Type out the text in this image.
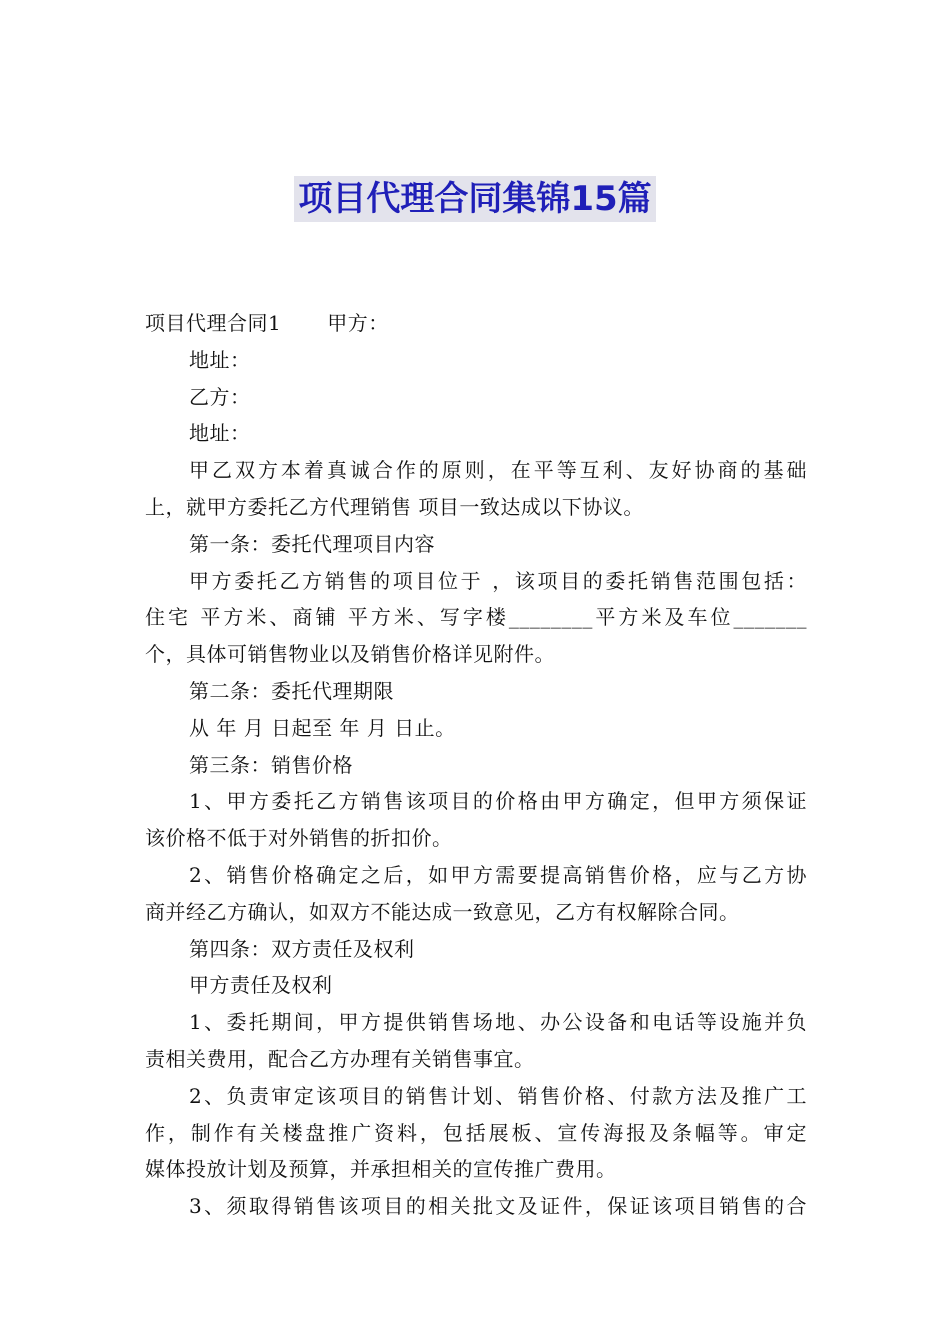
项目代理合同集锦15篇
项目代理合同1 甲方：
地址：
乙方：
地址：
甲乙双方本着真诚合作的原则，在平等互利、友好协商的基础
上，就甲方委托乙方代理销售 项目一致达成以下协议。
第一条：委托代理项目内容
甲方委托乙方销售的项目位于 ，该项目的委托销售范围包括：
住宅 平方米、商铺 平方米、写字楼________平方米及车位_______
个，具体可销售物业以及销售价格详见附件。
第二条：委托代理期限
从 年 月 日起至 年 月 日止。
第三条：销售价格
1、甲方委托乙方销售该项目的价格由甲方确定，但甲方须保证
该价格不低于对外销售的折扣价。
2、销售价格确定之后，如甲方需要提高销售价格，应与乙方协
商并经乙方确认，如双方不能达成一致意见，乙方有权解除合同。
第四条：双方责任及权利
甲方责任及权利
1、委托期间，甲方提供销售场地、办公设备和电话等设施并负
责相关费用，配合乙方办理有关销售事宜。
2、负责审定该项目的销售计划、销售价格、付款方法及推广工
作，制作有关楼盘推广资料，包括展板、宣传海报及条幅等。审定
媒体投放计划及预算，并承担相关的宣传推广费用。
3、须取得销售该项目的相关批文及证件，保证该项目销售的合
